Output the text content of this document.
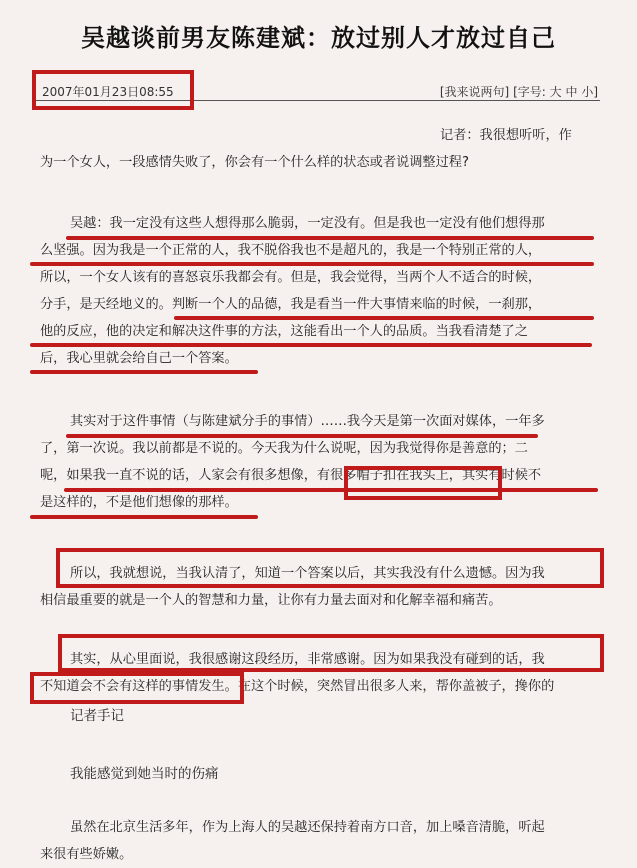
吴越谈前男友陈建斌：放过别人才放过自己
2007年01月23日08:55	[我来说两句] [字号: 大 中 小]
记者：我很想听听，作
为一个女人，一段感情失败了，你会有一个什么样的状态或者说调整过程?
吴越：我一定没有这些人想得那么脆弱，一定没有。但是我也一定没有他们想得那
么坚强。因为我是一个正常的人，我不脱俗我也不是超凡的，我是一个特别正常的人，
所以，一个女人该有的喜怒哀乐我都会有。但是，我会觉得，当两个人不适合的时候，
分手，是天经地义的。判断一个人的品德，我是看当一件大事情来临的时候，一刹那，
他的反应，他的决定和解决这件事的方法，这能看出一个人的品质。当我看清楚了之
后，我心里就会给自己一个答案。
其实对于这件事情（与陈建斌分手的事情）……我今天是第一次面对媒体，一年多
了，第一次说。我以前都是不说的。今天我为什么说呢，因为我觉得你是善意的；二
呢，如果我一直不说的话，人家会有很多想像，有很多帽子扣在我头上，其实有时候不
是这样的，不是他们想像的那样。
所以，我就想说，当我认清了，知道一个答案以后，其实我没有什么遗憾。因为我
相信最重要的就是一个人的智慧和力量，让你有力量去面对和化解幸福和痛苦。
其实，从心里面说，我很感谢这段经历，非常感谢。因为如果我没有碰到的话，我
不知道会不会有这样的事情发生。在这个时候，突然冒出很多人来，帮你盖被子，搀你的
记者手记
我能感觉到她当时的伤痛
虽然在北京生活多年，作为上海人的吴越还保持着南方口音，加上嗓音清脆，听起
来很有些娇嫩。
